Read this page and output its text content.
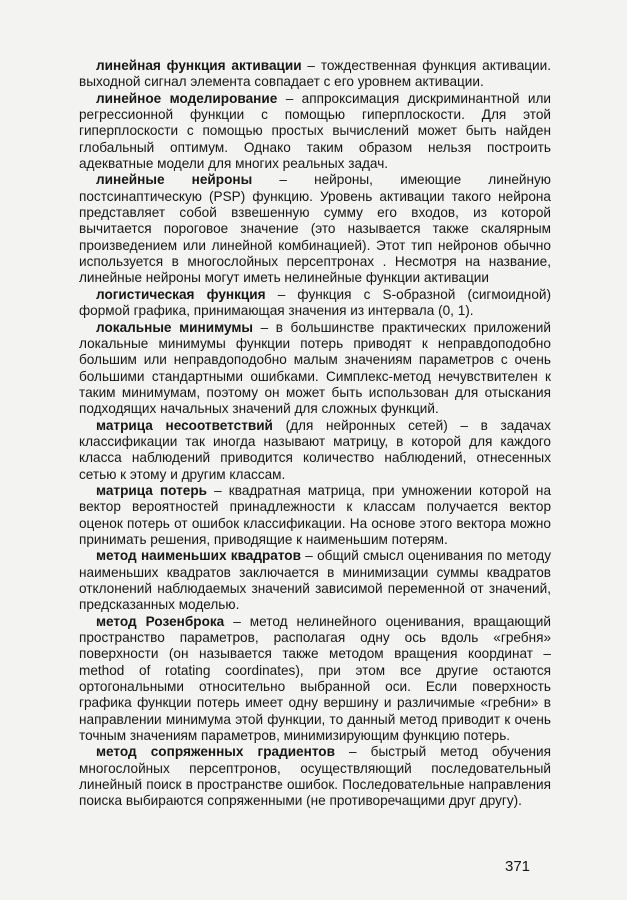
линейная функция активации – тождественная функция активации. выходной сигнал элемента совпадает с его уровнем активации.

линейное моделирование – аппроксимация дискриминантной или регрессионной функции с помощью гиперплоскости. Для этой гиперплоскости с помощью простых вычислений может быть найден глобальный оптимум. Однако таким образом нельзя построить адекватные модели для многих реальных задач.

линейные нейроны – нейроны, имеющие линейную постсинаптическую (PSP) функцию. Уровень активации такого нейрона представляет собой взвешенную сумму его входов, из которой вычитается пороговое значение (это называется также скалярным произведением или линейной комбинацией). Этот тип нейронов обычно используется в многослойных персептронах . Несмотря на название, линейные нейроны могут иметь нелинейные функции активации

логистическая функция – функция с S-образной (сигмоидной) формой графика, принимающая значения из интервала (0, 1).

локальные минимумы – в большинстве практических приложений локальные минимумы функции потерь приводят к неправдоподобно большим или неправдоподобно малым значениям параметров с очень большими стандартными ошибками. Симплекс-метод нечувствителен к таким минимумам, поэтому он может быть использован для отыскания подходящих начальных значений для сложных функций.

матрица несоответствий (для нейронных сетей) – в задачах классификации так иногда называют матрицу, в которой для каждого класса наблюдений приводится количество наблюдений, отнесенных сетью к этому и другим классам.

матрица потерь – квадратная матрица, при умножении которой на вектор вероятностей принадлежности к классам получается вектор оценок потерь от ошибок классификации. На основе этого вектора можно принимать решения, приводящие к наименьшим потерям.

метод наименьших квадратов – общий смысл оценивания по методу наименьших квадратов заключается в минимизации суммы квадратов отклонений наблюдаемых значений зависимой переменной от значений, предсказанных моделью.

метод Розенброка – метод нелинейного оценивания, вращающий пространство параметров, располагая одну ось вдоль «гребня» поверхности (он называется также методом вращения координат – method of rotating coordinates), при этом все другие остаются ортогональными относительно выбранной оси. Если поверхность графика функции потерь имеет одну вершину и различимые «гребни» в направлении минимума этой функции, то данный метод приводит к очень точным значениям параметров, минимизирующим функцию потерь.

метод сопряженных градиентов – быстрый метод обучения многослойных персептронов, осуществляющий последовательный линейный поиск в пространстве ошибок. Последовательные направления поиска выбираются сопряженными (не противоречащими друг другу).

371
